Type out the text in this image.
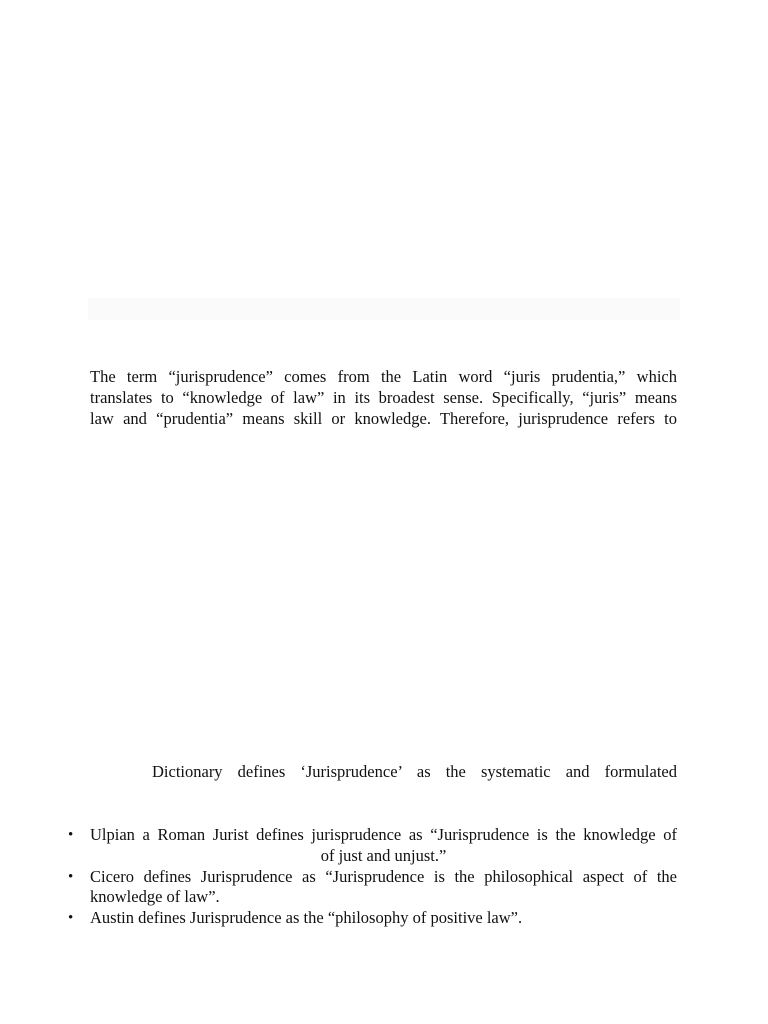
The term “jurisprudence” comes from the Latin word “juris prudentia,” which
translates to “knowledge of law” in its broadest sense. Specifically, “juris” means
law and “prudentia” means skill or knowledge. Therefore, jurisprudence refers to

Dictionary defines ‘Jurisprudence’ as the systematic and formulated

• Ulpian a Roman Jurist defines jurisprudence as “Jurisprudence is the knowledge of
of just and unjust.”
• Cicero defines Jurisprudence as “Jurisprudence is the philosophical aspect of the
knowledge of law”.
• Austin defines Jurisprudence as the “philosophy of positive law”.
